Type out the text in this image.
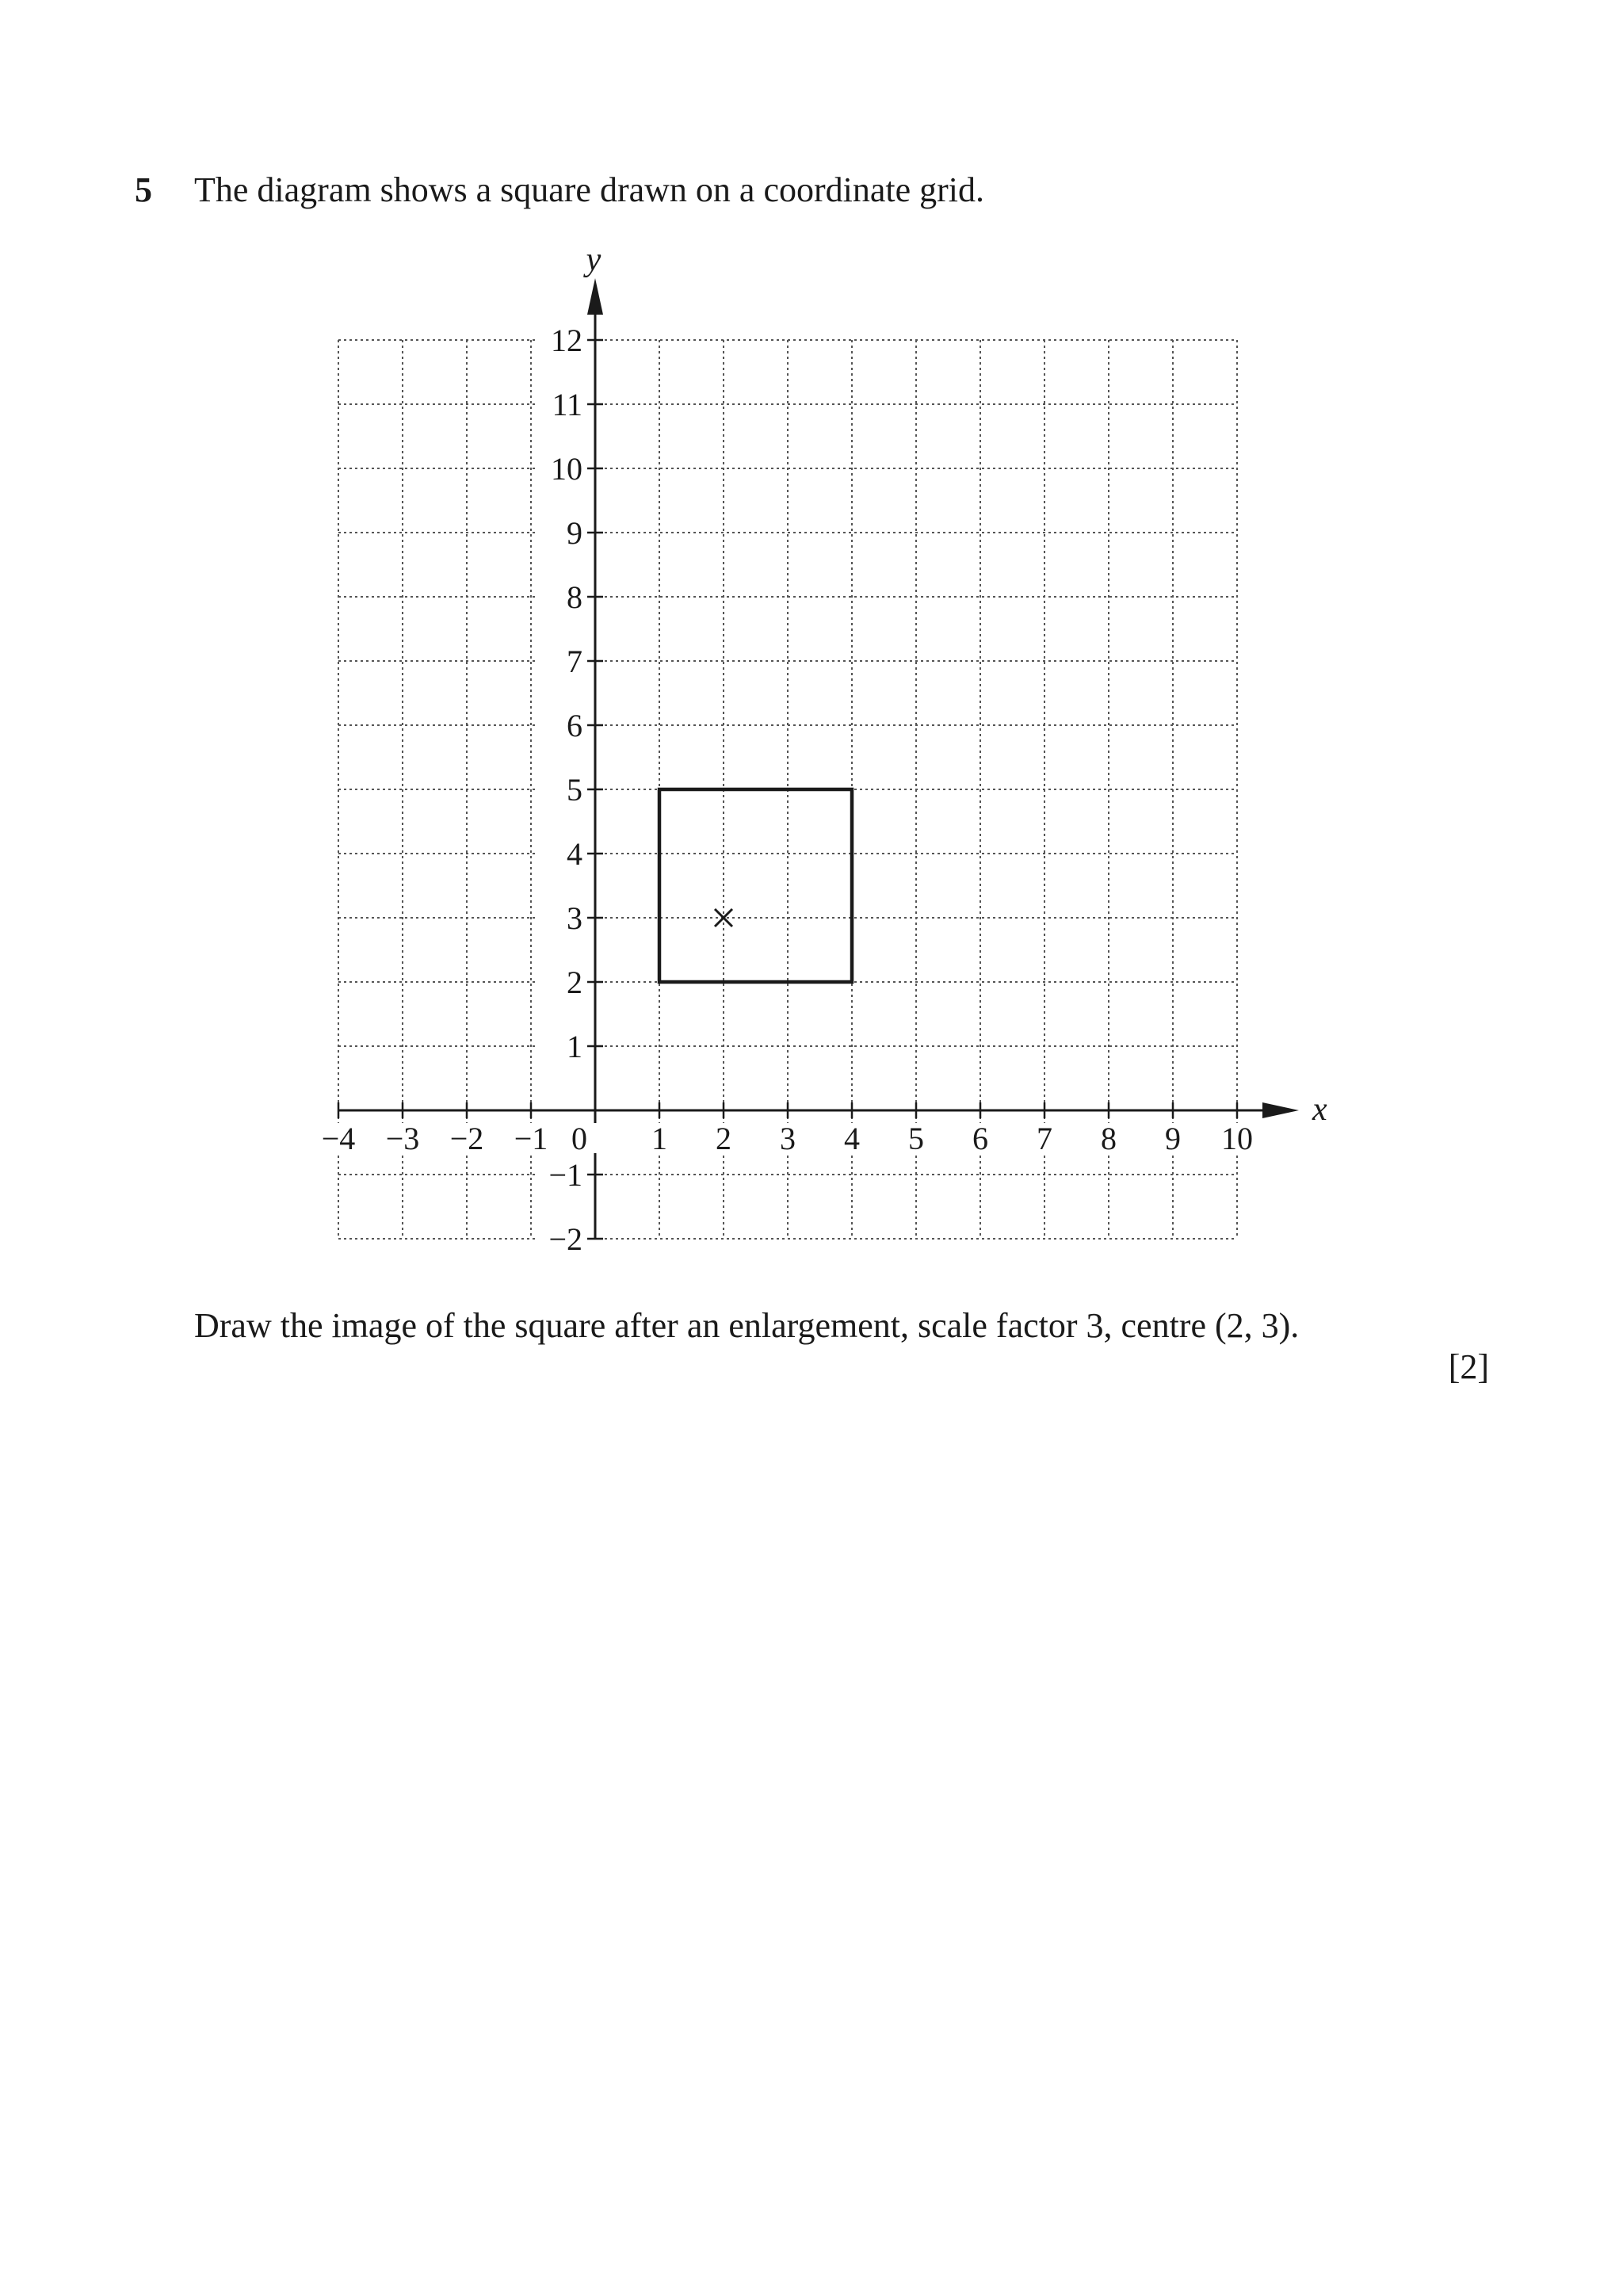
5 The diagram shows a square drawn on a coordinate grid.
x
y
−4 −3 −2 −1 0 1 2 3 4 5 6 7 8 9 10
−2
−1
1
2
3
4
5
6
7
8
9
10
11
12
Draw the image of the square after an enlargement, scale factor 3, centre (2, 3).
[2]
